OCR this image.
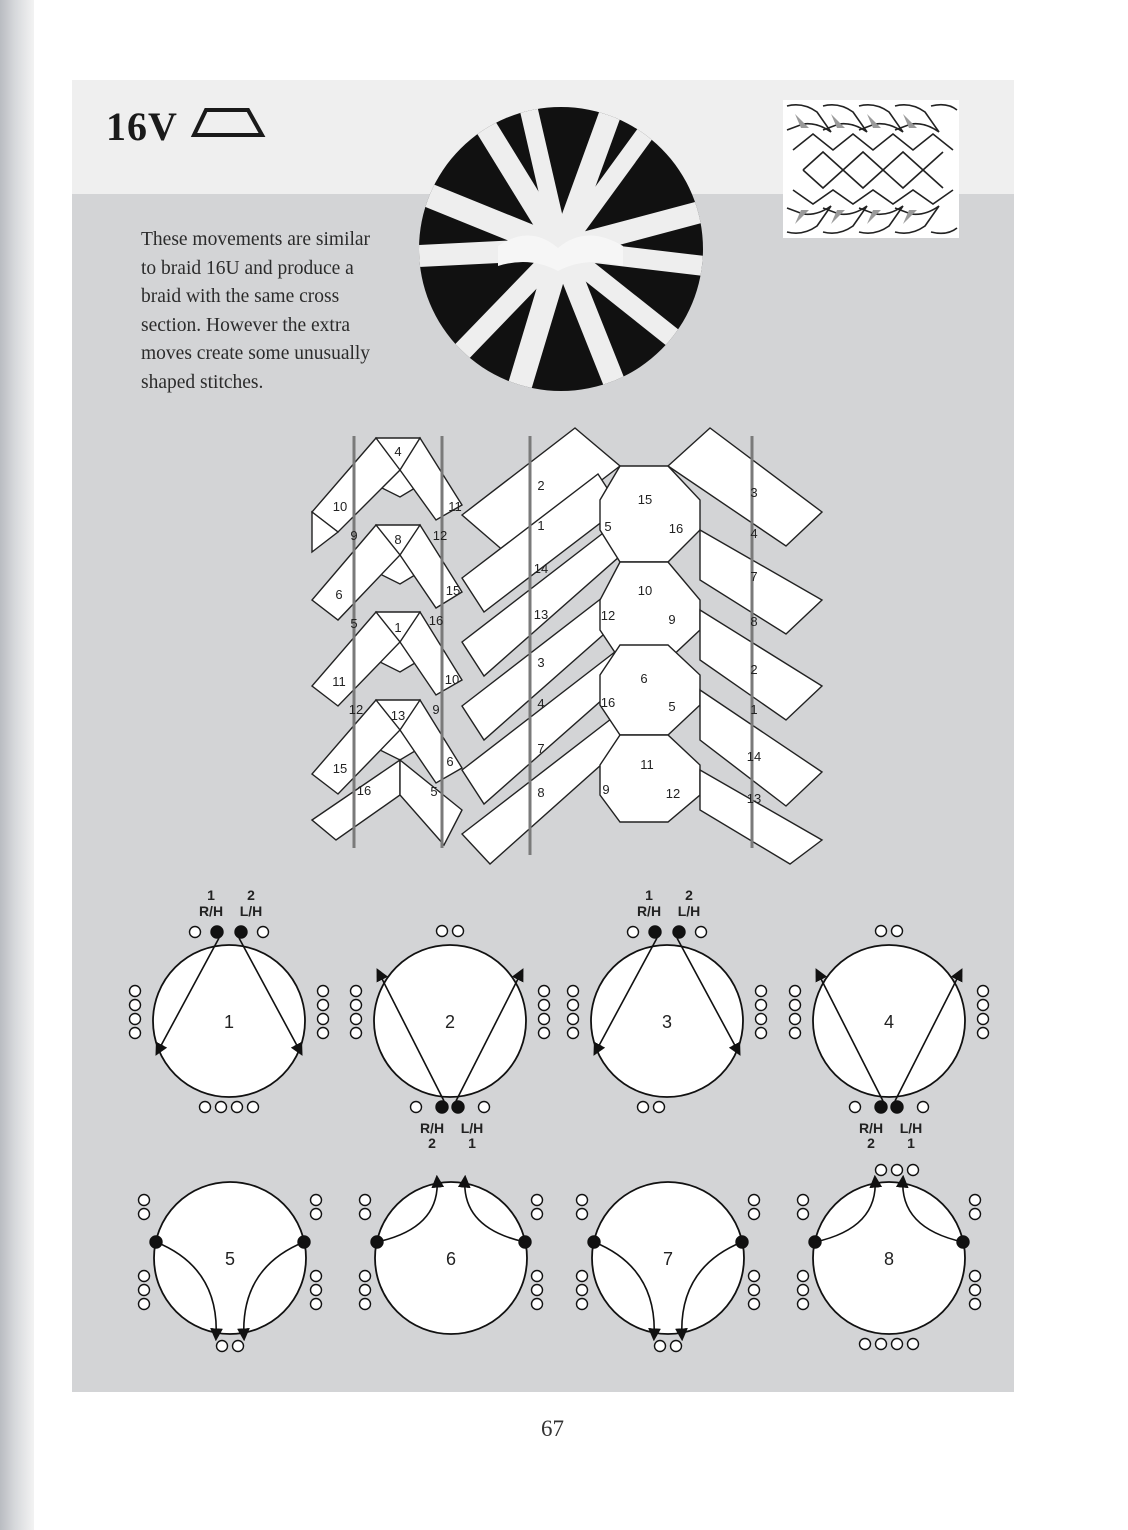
16V

These movements are similar

to braid 16U and produce a

braid with the same cross

section. However the extra

moves create some unusually

shaped stitches.

4
10	11
9	8 12
6	15
5	1 16
11	10
12 13 9
15
16
6
5
2
1
14
13
3
4
7
8
15
5	16
10
12	9
6
16	5
11
9	12
3
4
7
8
2
1
14
13
1
1 2
R/H L/H
2
R/H L/H
2 1
3
1 2
R/H L/H
4
R/H L/H
2 1
5	6	7	8
67
